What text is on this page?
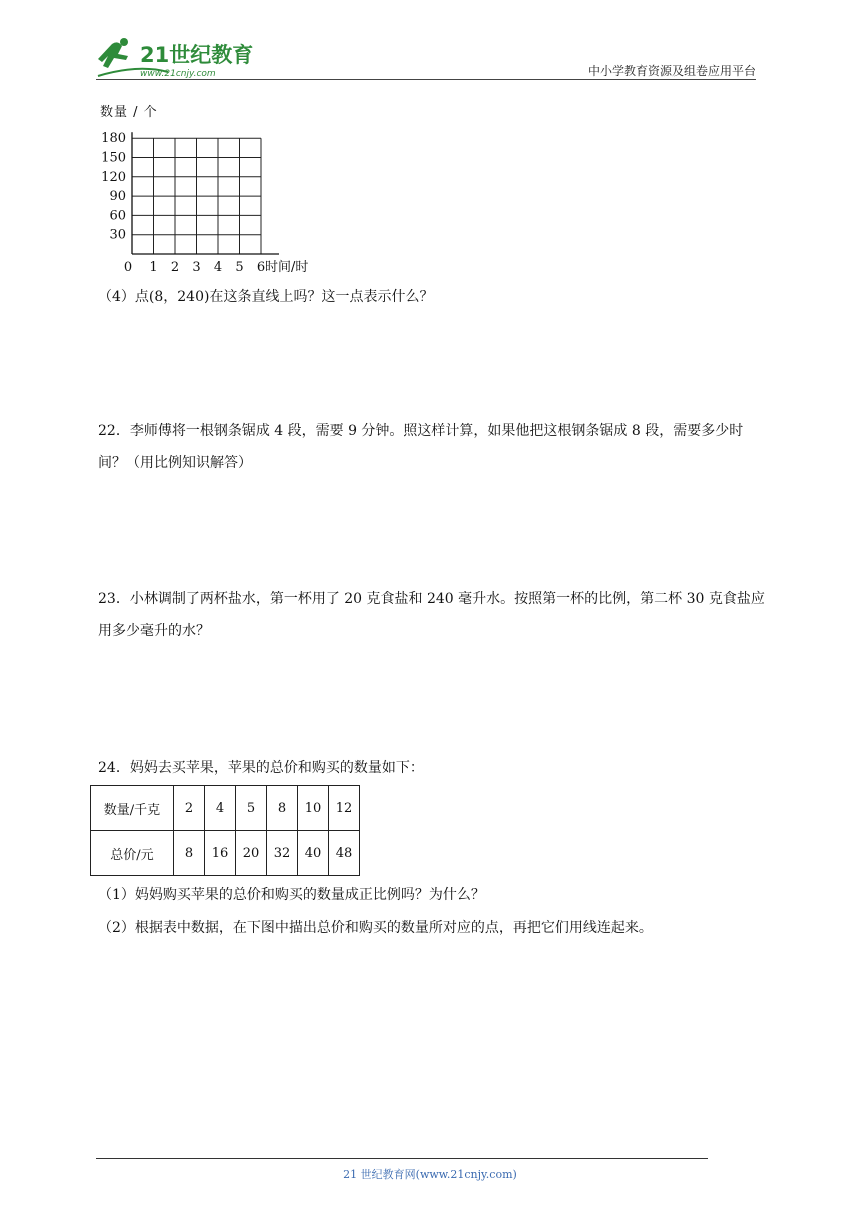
21世纪教育
www.21cnjy.com	中小学教育资源及组卷应用平台
数量 / 个
180
150
120
90
60
30
0 1 2 3 4 5 6 时间/时
（4）点(8，240)在这条直线上吗？这一点表示什么？
22．李师傅将一根钢条锯成 4 段，需要 9 分钟。照这样计算，如果他把这根钢条锯成 8 段，需要多少时间？（用比例知识解答）
23．小林调制了两杯盐水，第一杯用了 20 克食盐和 240 毫升水。按照第一杯的比例，第二杯 30 克食盐应用多少毫升的水？
24．妈妈去买苹果，苹果的总价和购买的数量如下：
数量/千克	2	4	5	8	10	12
总价/元	8	16	20	32	40	48
（1）妈妈购买苹果的总价和购买的数量成正比例吗？为什么？
（2）根据表中数据，在下图中描出总价和购买的数量所对应的点，再把它们用线连起来。
21 世纪教育网(www.21cnjy.com)
